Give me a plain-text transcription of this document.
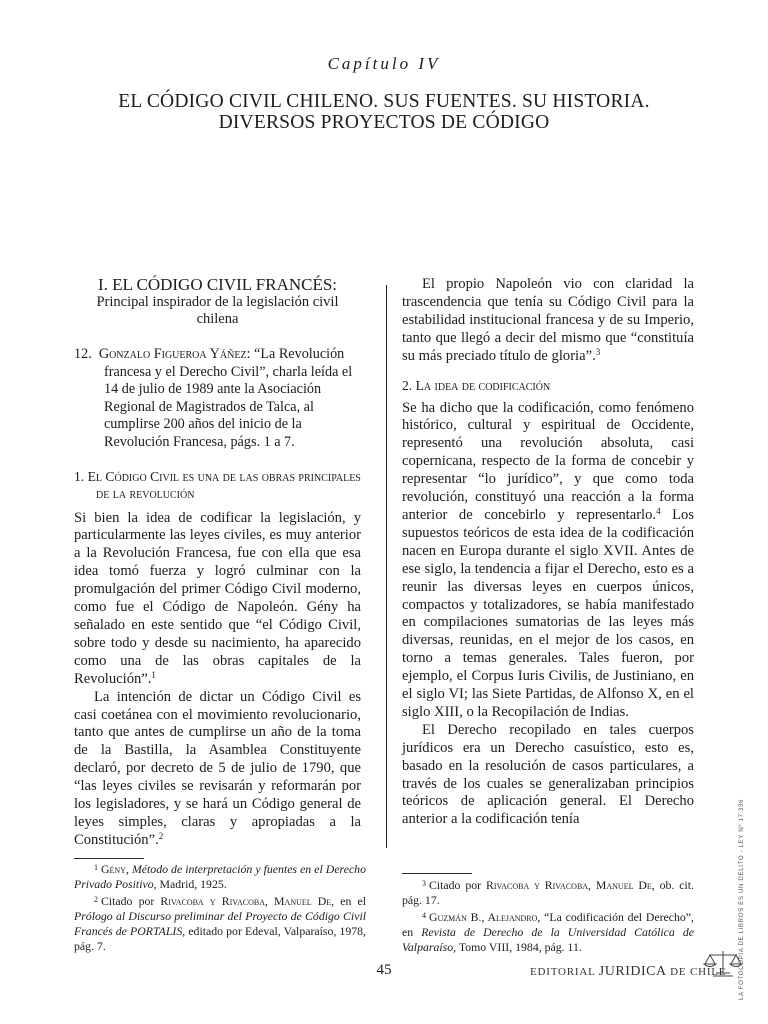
Capítulo IV
EL CÓDIGO CIVIL CHILENO. SUS FUENTES. SU HISTORIA.
DIVERSOS PROYECTOS DE CÓDIGO
I. EL CÓDIGO CIVIL FRANCÉS:
Principal inspirador de la legislación civil chilena
12.  Gonzalo Figueroa Yáñez: “La Revolución francesa y el Derecho Civil”, charla leída el 14 de julio de 1989 ante la Asociación Regional de Magistrados de Talca, al cumplirse 200 años del inicio de la Revolución Francesa, págs. 1 a 7.
1. El Código Civil es una de las obras principales de la revolución

Si bien la idea de codificar la legislación, y particularmente las leyes civiles, es muy anterior a la Revolución Francesa, fue con ella que esa idea tomó fuerza y logró culminar con la promulgación del primer Código Civil moderno, como fue el Código de Napoleón. Gény ha señalado en este sentido que “el Código Civil, sobre todo y desde su nacimiento, ha aparecido como una de las obras capitales de la Revolución”.$^1$

La intención de dictar un Código Civil es casi coetánea con el movimiento revolucionario, tanto que antes de cumplirse un año de la toma de la Bastilla, la Asamblea Constituyente declaró, por decreto de 5 de julio de 1790, que “las leyes civiles se revisarán y reformarán por los legisladores, y se hará un Código general de leyes simples, claras y apropiadas a la Constitución”.$^2$

El propio Napoleón vio con claridad la trascendencia que tenía su Código Civil para la estabilidad institucional francesa y de su Imperio, tanto que llegó a decir del mismo que “constituía su más preciado título de gloria”.$^3$

2. La idea de codificación

Se ha dicho que la codificación, como fenómeno histórico, cultural y espiritual de Occidente, representó una revolución absoluta, casi copernicana, respecto de la forma de concebir y representar “lo jurídico”, y que como toda revolución, constituyó una reacción a la forma anterior de concebirlo y representarlo.$^4$ Los supuestos teóricos de esta idea de la codificación nacen en Europa durante el siglo XVII. Antes de ese siglo, la tendencia a fijar el Derecho, esto es a reunir las diversas leyes en cuerpos únicos, compactos y totalizadores, se había manifestado en compilaciones sumatorias de las leyes más diversas, reunidas, en el mejor de los casos, en torno a temas generales. Tales fueron, por ejemplo, el Corpus Iuris Civilis, de Justiniano, en el siglo VI; las Siete Partidas, de Alfonso X, en el siglo XIII, o la Recopilación de Indias.

El Derecho recopilado en tales cuerpos jurídicos era un Derecho casuístico, esto es, basado en la resolución de casos particulares, a través de los cuales se generalizaban principios teóricos de aplicación general. El Derecho anterior a la codificación tenía

$^1$ Gény, Método de interpretación y fuentes en el Derecho Privado Positivo, Madrid, 1925.

$^2$ Citado por Rivacoba y Rivacoba, Manuel De, en el Prólogo al Discurso preliminar del Proyecto de Código Civil Francés de PORTALIS, editado por Edeval, Valparaíso, 1978, pág. 7.

$^3$ Citado por Rivacoba y Rivacoba, Manuel De, ob. cit. pág. 17.

$^4$ Guzmán B., Alejandro, “La codificación del Derecho”, en Revista de Derecho de la Universidad Católica de Valparaíso, Tomo VIII, 1984, pág. 11.

45	EDITORIAL JURIDICA DE CHILE LA FOTOCOPIA DE LIBROS ES UN DELITO - LEY Nº 17.336
